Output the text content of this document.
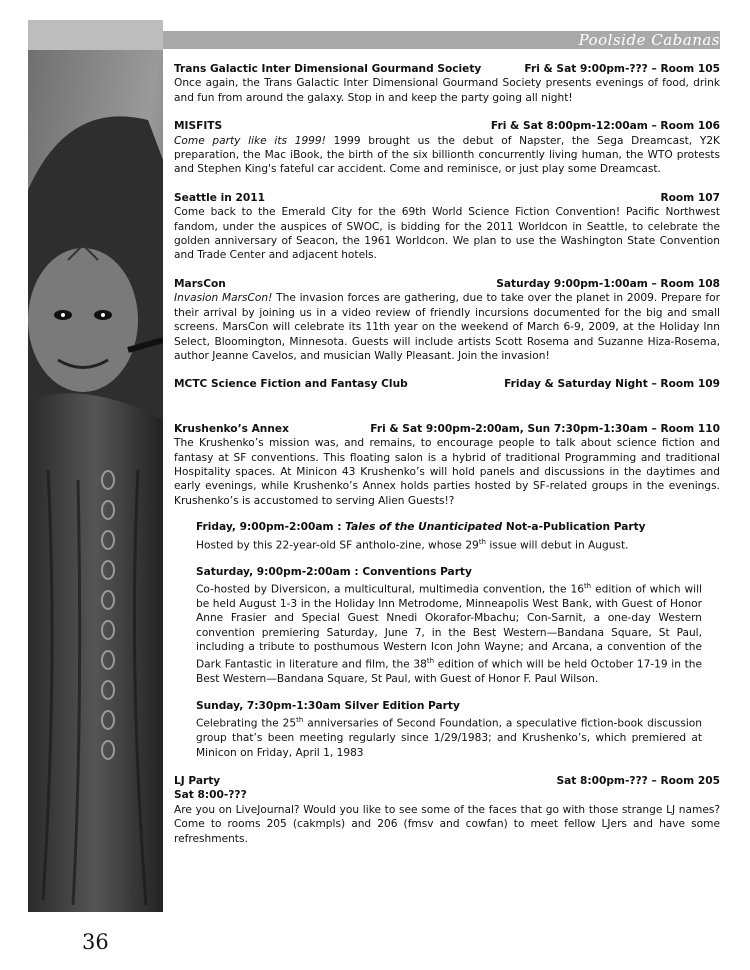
Poolside Cabanas
Trans Galactic Inter Dimensional Gourmand Society	Fri & Sat 9:00pm-??? – Room 105
Once again, the Trans Galactic Inter Dimensional Gourmand Society presents evenings of food, drink and fun from around the galaxy. Stop in and keep the party going all night!
MISFITS	Fri & Sat 8:00pm-12:00am – Room 106
Come party like its 1999! 1999 brought us the debut of Napster, the Sega Dreamcast, Y2K preparation, the Mac iBook, the birth of the six billionth concurrently living human, the WTO protests and Stephen King's fateful car accident. Come and reminisce, or just play some Dreamcast.
Seattle in 2011	Room 107
Come back to the Emerald City for the 69th World Science Fiction Convention! Pacific Northwest fandom, under the auspices of SWOC, is bidding for the 2011 Worldcon in Seattle, to celebrate the golden anniversary of Seacon, the 1961 Worldcon. We plan to use the Washington State Convention and Trade Center and adjacent hotels.
MarsCon	Saturday 9:00pm-1:00am – Room 108
Invasion MarsCon! The invasion forces are gathering, due to take over the planet in 2009. Prepare for their arrival by joining us in a video review of friendly incursions documented for the big and small screens. MarsCon will celebrate its 11th year on the weekend of March 6-9, 2009, at the Holiday Inn Select, Bloomington, Minnesota. Guests will include artists Scott Rosema and Suzanne Hiza-Rosema, author Jeanne Cavelos, and musician Wally Pleasant. Join the invasion!
MCTC Science Fiction and Fantasy Club	Friday & Saturday Night – Room 109
Krushenko’s Annex	Fri & Sat 9:00pm-2:00am, Sun 7:30pm-1:30am – Room 110
The Krushenko’s mission was, and remains, to encourage people to talk about science fiction and fantasy at SF conventions. This floating salon is a hybrid of traditional Programming and traditional Hospitality spaces. At Minicon 43 Krushenko’s will hold panels and discussions in the daytimes and early evenings, while Krushenko’s Annex holds parties hosted by SF-related groups in the evenings. Krushenko’s is accustomed to serving Alien Guests!?
Friday, 9:00pm-2:00am : Tales of the Unanticipated Not-a-Publication Party
Hosted by this 22-year-old SF antholo-zine, whose 29th issue will debut in August.
Saturday, 9:00pm-2:00am : Conventions Party
Co-hosted by Diversicon, a multicultural, multimedia convention, the 16th edition of which will be held August 1-3 in the Holiday Inn Metrodome, Minneapolis West Bank, with Guest of Honor Anne Frasier and Special Guest Nnedi Okorafor-Mbachu; Con-Sarnit, a one-day Western convention premiering Saturday, June 7, in the Best Western—Bandana Square, St Paul, including a tribute to posthumous Western Icon John Wayne; and Arcana, a convention of the Dark Fantastic in literature and film, the 38th edition of which will be held October 17-19 in the Best Western—Bandana Square, St Paul, with Guest of Honor F. Paul Wilson.
Sunday, 7:30pm-1:30am Silver Edition Party
Celebrating the 25th anniversaries of Second Foundation, a speculative fiction-book discussion group that’s been meeting regularly since 1/29/1983; and Krushenko’s, which premiered at Minicon on Friday, April 1, 1983
LJ Party	Sat 8:00pm-??? – Room 205
Sat 8:00-???
Are you on LiveJournal? Would you like to see some of the faces that go with those strange LJ names? Come to rooms 205 (cakmpls) and 206 (fmsv and cowfan) to meet fellow LJers and have some refreshments.
36
